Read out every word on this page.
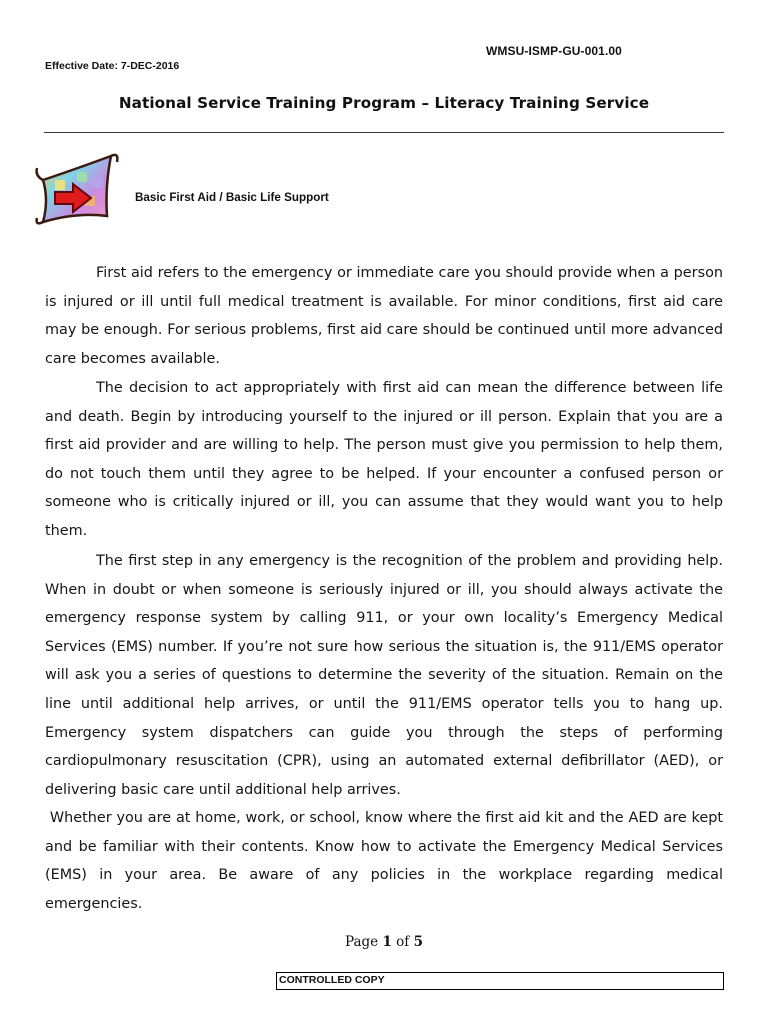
WMSU-ISMP-GU-001.00
Effective Date: 7-DEC-2016
National Service Training Program – Literacy Training Service
Basic First Aid / Basic Life Support

First aid refers to the emergency or immediate care you should provide when a person is injured or ill until full medical treatment is available. For minor conditions, first aid care may be enough. For serious problems, first aid care should be continued until more advanced care becomes available.

The decision to act appropriately with first aid can mean the difference between life and death. Begin by introducing yourself to the injured or ill person. Explain that you are a first aid provider and are willing to help. The person must give you permission to help them, do not touch them until they agree to be helped. If your encounter a confused person or someone who is critically injured or ill, you can assume that they would want you to help them.

The first step in any emergency is the recognition of the problem and providing help. When in doubt or when someone is seriously injured or ill, you should always activate the emergency response system by calling 911, or your own locality’s Emergency Medical Services (EMS) number. If you’re not sure how serious the situation is, the 911/EMS operator will ask you a series of questions to determine the severity of the situation. Remain on the line until additional help arrives, or until the 911/EMS operator tells you to hang up. Emergency system dispatchers can guide you through the steps of performing cardiopulmonary resuscitation (CPR), using an automated external defibrillator (AED), or delivering basic care until additional help arrives.

Whether you are at home, work, or school, know where the first aid kit and the AED are kept and be familiar with their contents. Know how to activate the Emergency Medical Services (EMS) in your area. Be aware of any policies in the workplace regarding medical emergencies.

Page 1 of 5
CONTROLLED COPY
